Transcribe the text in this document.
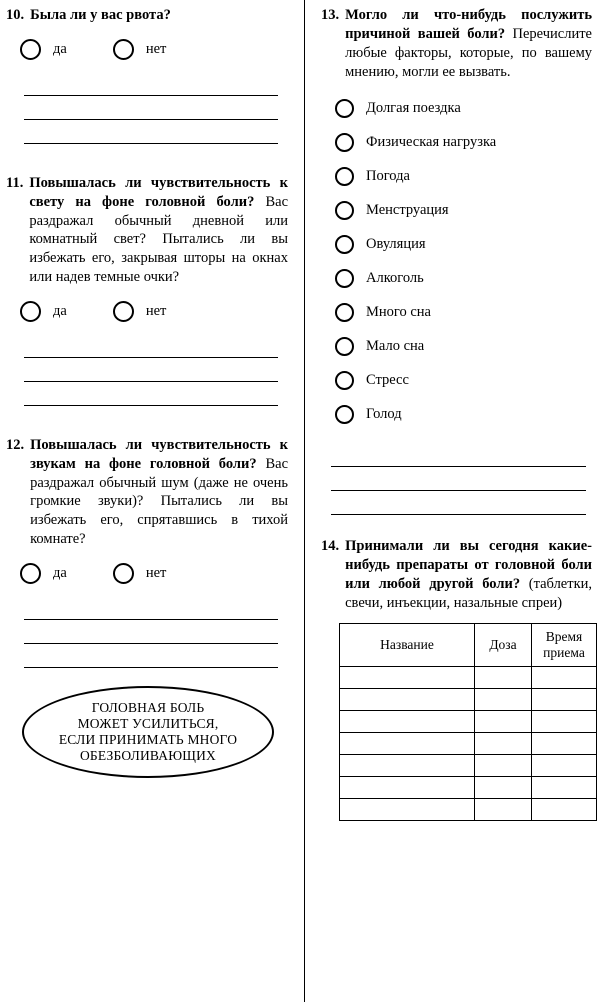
10. Была ли у вас рвота?
да	нет
11. Повышалась ли чувствительность к свету на фоне головной боли? Вас раздражал обычный дневной или комнатный свет? Пытались ли вы избежать его, закрывая шторы на окнах или надев темные очки?
да	нет
12. Повышалась ли чувствительность к звукам на фоне головной боли? Вас раздражал обычный шум (даже не очень громкие звуки)? Пытались ли вы избежать его, спрятавшись в тихой комнате?
да	нет
ГОЛОВНАЯ БОЛЬ
МОЖЕТ УСИЛИТЬСЯ,
ЕСЛИ ПРИНИМАТЬ МНОГО
ОБЕЗБОЛИВАЮЩИХ
13. Могло ли что-нибудь послужить причиной вашей боли? Перечислите любые факторы, которые, по вашему мнению, могли ее вызвать.
Долгая поездка
Физическая нагрузка
Погода
Менструация
Овуляция
Алкоголь
Много сна
Мало сна
Стресс
Голод
14. Принимали ли вы сегодня какие-нибудь препараты от головной боли или любой другой боли? (таблетки, свечи, инъекции, назальные спреи)
Название	Доза	Время приема
